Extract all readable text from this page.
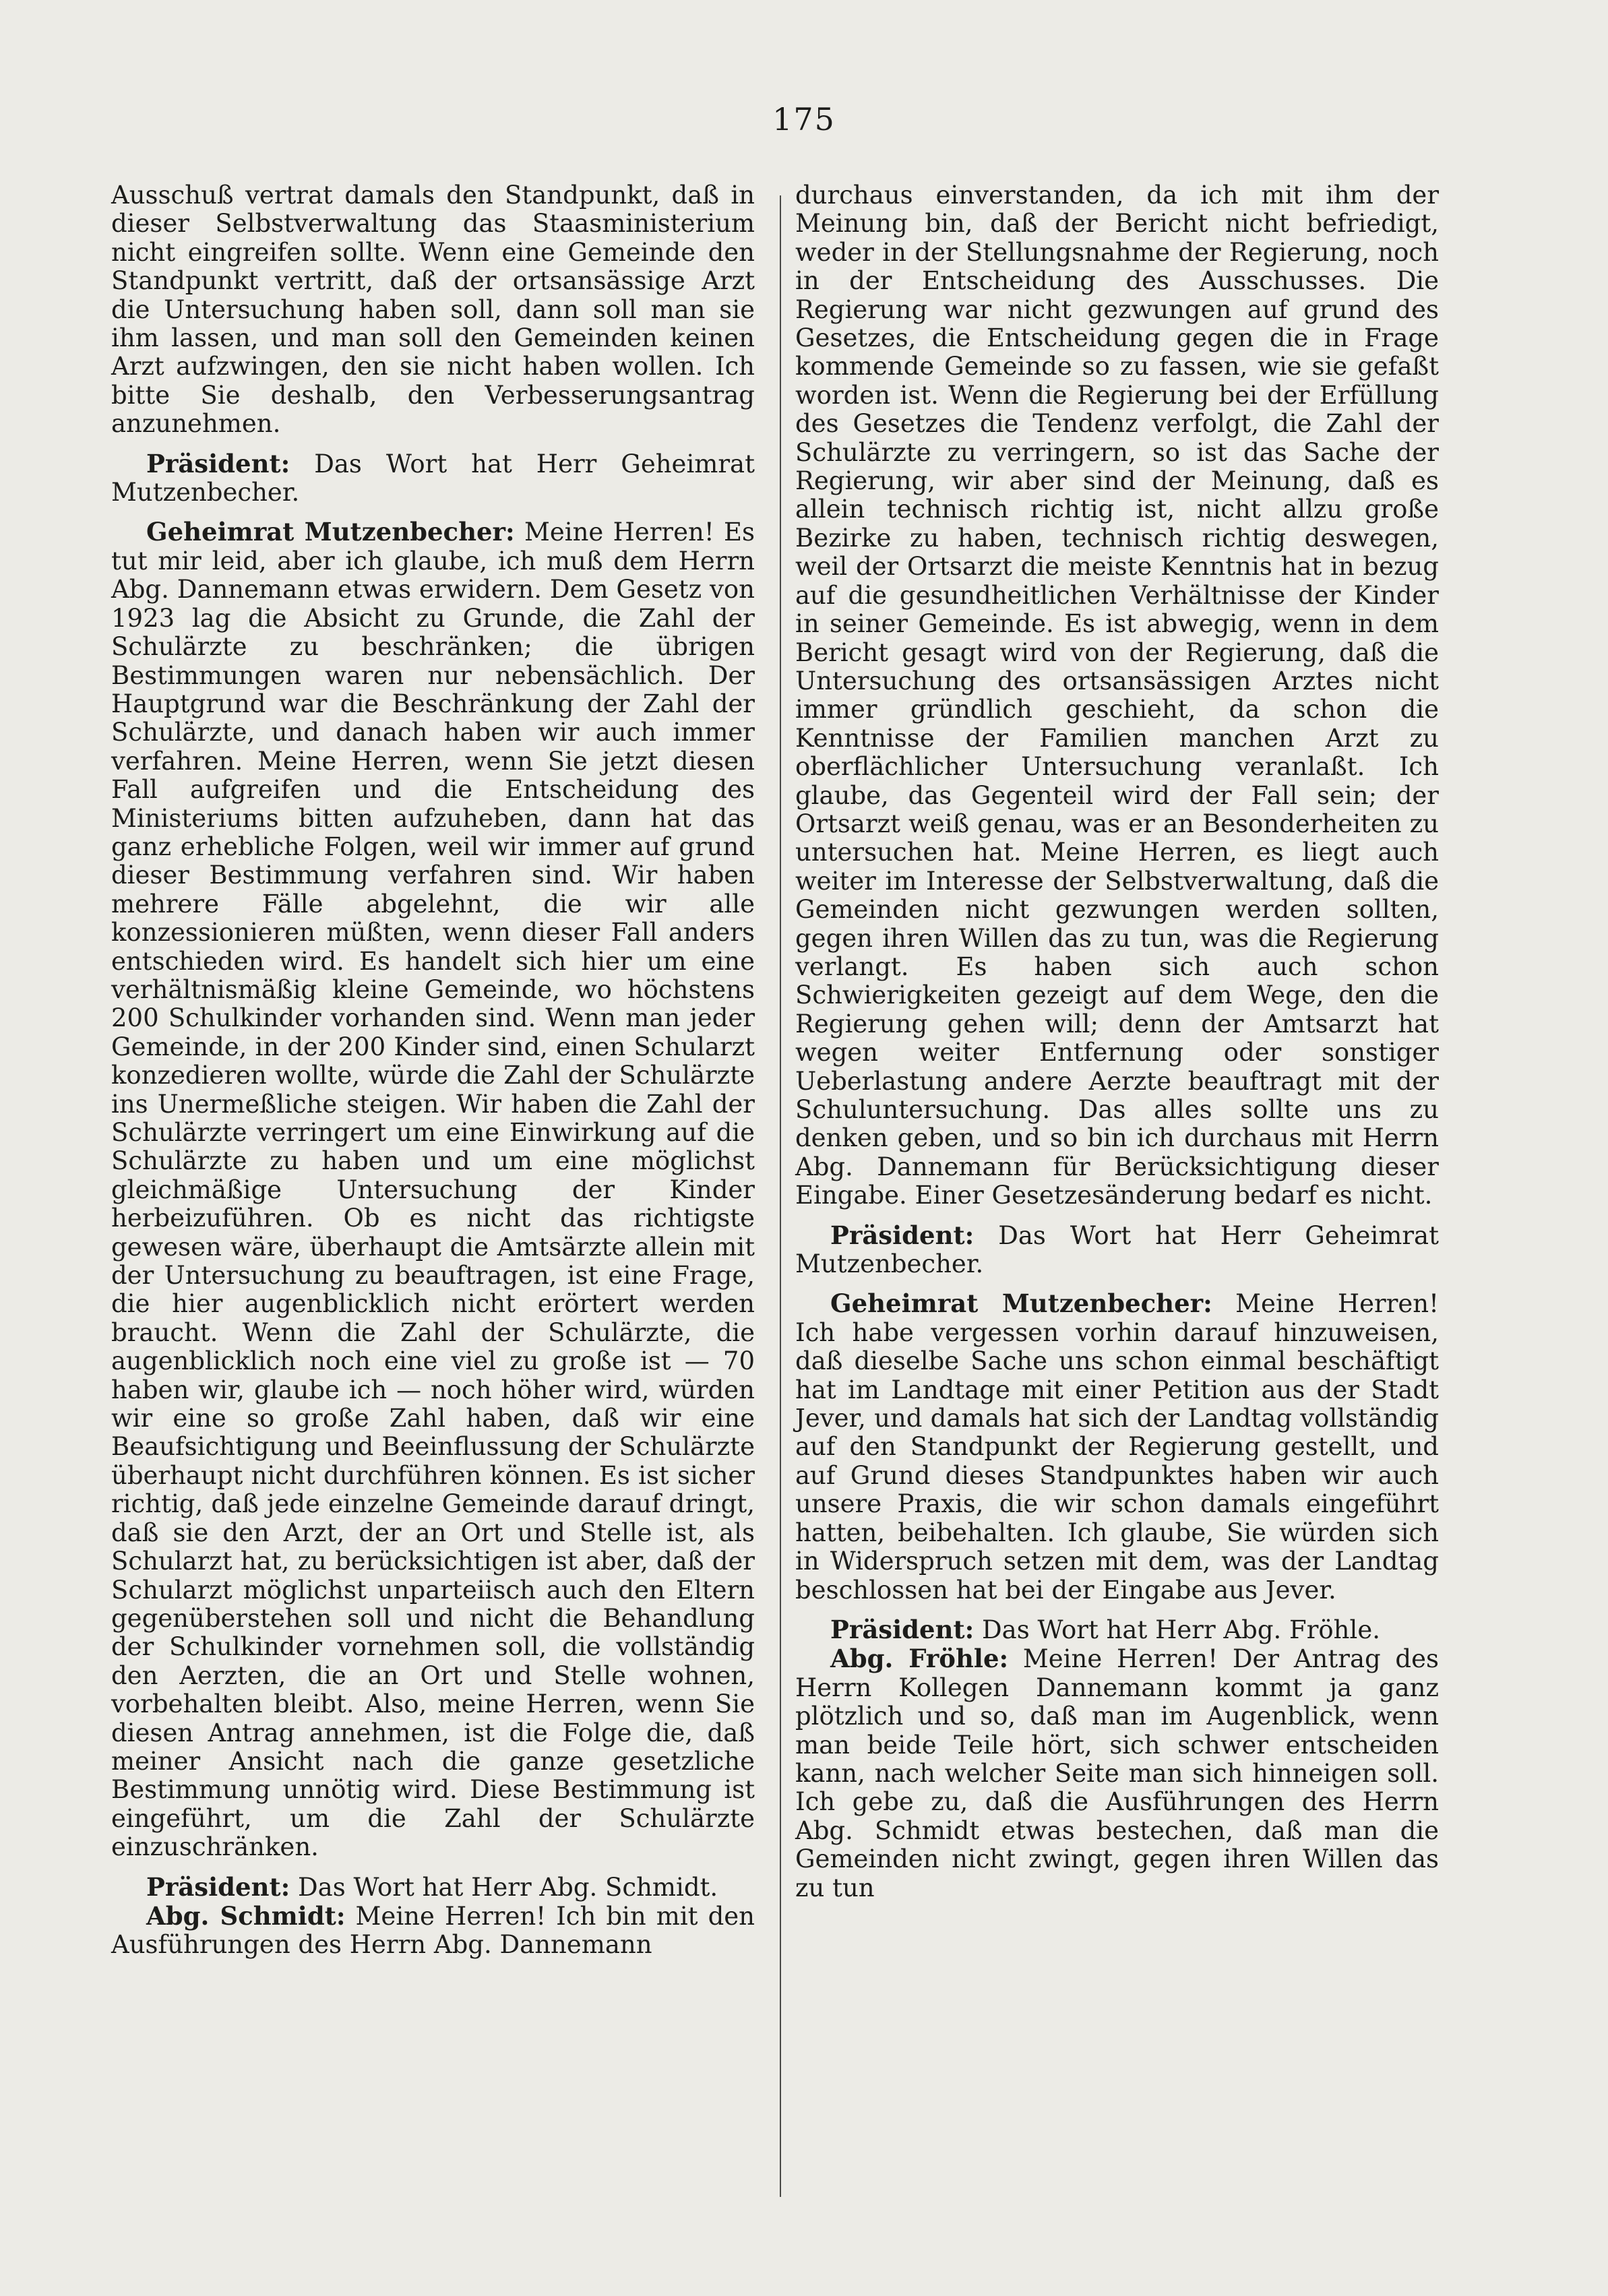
175

Ausschuß vertrat damals den Standpunkt, daß in dieser Selbstverwaltung das Staasministerium nicht eingreifen sollte. Wenn eine Gemeinde den Standpunkt vertritt, daß der ortsansässige Arzt die Untersuchung haben soll, dann soll man sie ihm lassen, und man soll den Gemeinden keinen Arzt aufzwingen, den sie nicht haben wollen. Ich bitte Sie deshalb, den Verbesserungsantrag anzunehmen.

Präsident: Das Wort hat Herr Geheimrat Mutzenbecher.

Geheimrat Mutzenbecher: Meine Herren! Es tut mir leid, aber ich glaube, ich muß dem Herrn Abg. Dannemann etwas erwidern. Dem Gesetz von 1923 lag die Absicht zu Grunde, die Zahl der Schulärzte zu beschränken; die übrigen Bestimmungen waren nur nebensächlich. Der Hauptgrund war die Beschränkung der Zahl der Schulärzte, und danach haben wir auch immer verfahren. Meine Herren, wenn Sie jetzt diesen Fall aufgreifen und die Entscheidung des Ministeriums bitten aufzuheben, dann hat das ganz erhebliche Folgen, weil wir immer auf grund dieser Bestimmung verfahren sind. Wir haben mehrere Fälle abgelehnt, die wir alle konzessionieren müßten, wenn dieser Fall anders entschieden wird. Es handelt sich hier um eine verhältnismäßig kleine Gemeinde, wo höchstens 200 Schulkinder vorhanden sind. Wenn man jeder Gemeinde, in der 200 Kinder sind, einen Schularzt konzedieren wollte, würde die Zahl der Schulärzte ins Unermeßliche steigen. Wir haben die Zahl der Schulärzte verringert um eine Einwirkung auf die Schulärzte zu haben und um eine möglichst gleichmäßige Untersuchung der Kinder herbeizuführen. Ob es nicht das richtigste gewesen wäre, überhaupt die Amtsärzte allein mit der Untersuchung zu beauftragen, ist eine Frage, die hier augenblicklich nicht erörtert werden braucht. Wenn die Zahl der Schulärzte, die augenblicklich noch eine viel zu große ist — 70 haben wir, glaube ich — noch höher wird, würden wir eine so große Zahl haben, daß wir eine Beaufsichtigung und Beeinflussung der Schulärzte überhaupt nicht durchführen können. Es ist sicher richtig, daß jede einzelne Gemeinde darauf dringt, daß sie den Arzt, der an Ort und Stelle ist, als Schularzt hat, zu berücksichtigen ist aber, daß der Schularzt möglichst unparteiisch auch den Eltern gegenüberstehen soll und nicht die Behandlung der Schulkinder vornehmen soll, die vollständig den Aerzten, die an Ort und Stelle wohnen, vorbehalten bleibt. Also, meine Herren, wenn Sie diesen Antrag annehmen, ist die Folge die, daß meiner Ansicht nach die ganze gesetzliche Bestimmung unnötig wird. Diese Bestimmung ist eingeführt, um die Zahl der Schulärzte einzuschränken.

Präsident: Das Wort hat Herr Abg. Schmidt.

Abg. Schmidt: Meine Herren! Ich bin mit den Ausführungen des Herrn Abg. Dannemann

durchaus einverstanden, da ich mit ihm der Meinung bin, daß der Bericht nicht befriedigt, weder in der Stellungsnahme der Regierung, noch in der Entscheidung des Ausschusses. Die Regierung war nicht gezwungen auf grund des Gesetzes, die Entscheidung gegen die in Frage kommende Gemeinde so zu fassen, wie sie gefaßt worden ist. Wenn die Regierung bei der Erfüllung des Gesetzes die Tendenz verfolgt, die Zahl der Schulärzte zu verringern, so ist das Sache der Regierung, wir aber sind der Meinung, daß es allein technisch richtig ist, nicht allzu große Bezirke zu haben, technisch richtig deswegen, weil der Ortsarzt die meiste Kenntnis hat in bezug auf die gesundheitlichen Verhältnisse der Kinder in seiner Gemeinde. Es ist abwegig, wenn in dem Bericht gesagt wird von der Regierung, daß die Untersuchung des ortsansässigen Arztes nicht immer gründlich geschieht, da schon die Kenntnisse der Familien manchen Arzt zu oberflächlicher Untersuchung veranlaßt. Ich glaube, das Gegenteil wird der Fall sein; der Ortsarzt weiß genau, was er an Besonderheiten zu untersuchen hat. Meine Herren, es liegt auch weiter im Interesse der Selbstverwaltung, daß die Gemeinden nicht gezwungen werden sollten, gegen ihren Willen das zu tun, was die Regierung verlangt. Es haben sich auch schon Schwierigkeiten gezeigt auf dem Wege, den die Regierung gehen will; denn der Amtsarzt hat wegen weiter Entfernung oder sonstiger Ueberlastung andere Aerzte beauftragt mit der Schuluntersuchung. Das alles sollte uns zu denken geben, und so bin ich durchaus mit Herrn Abg. Dannemann für Berücksichtigung dieser Eingabe. Einer Gesetzesänderung bedarf es nicht.

Präsident: Das Wort hat Herr Geheimrat Mutzenbecher.

Geheimrat Mutzenbecher: Meine Herren! Ich habe vergessen vorhin darauf hinzuweisen, daß dieselbe Sache uns schon einmal beschäftigt hat im Landtage mit einer Petition aus der Stadt Jever, und damals hat sich der Landtag vollständig auf den Standpunkt der Regierung gestellt, und auf Grund dieses Standpunktes haben wir auch unsere Praxis, die wir schon damals eingeführt hatten, beibehalten. Ich glaube, Sie würden sich in Widerspruch setzen mit dem, was der Landtag beschlossen hat bei der Eingabe aus Jever.

Präsident: Das Wort hat Herr Abg. Fröhle.

Abg. Fröhle: Meine Herren! Der Antrag des Herrn Kollegen Dannemann kommt ja ganz plötzlich und so, daß man im Augenblick, wenn man beide Teile hört, sich schwer entscheiden kann, nach welcher Seite man sich hinneigen soll. Ich gebe zu, daß die Ausführungen des Herrn Abg. Schmidt etwas bestechen, daß man die Gemeinden nicht zwingt, gegen ihren Willen das zu tun
